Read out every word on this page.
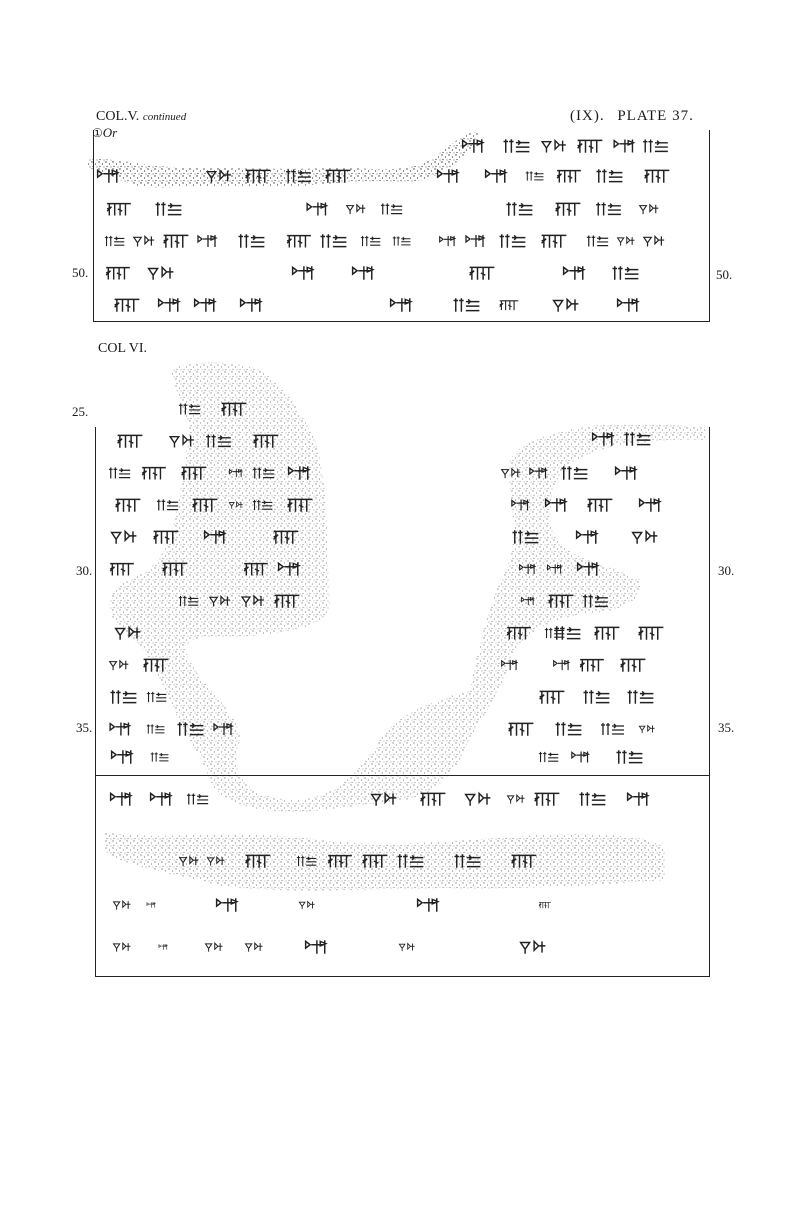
COL.V. continued
①Or
(IX). PLATE 37.
50.	50.
COL VI.
25.
30.	30.
35.	35.
